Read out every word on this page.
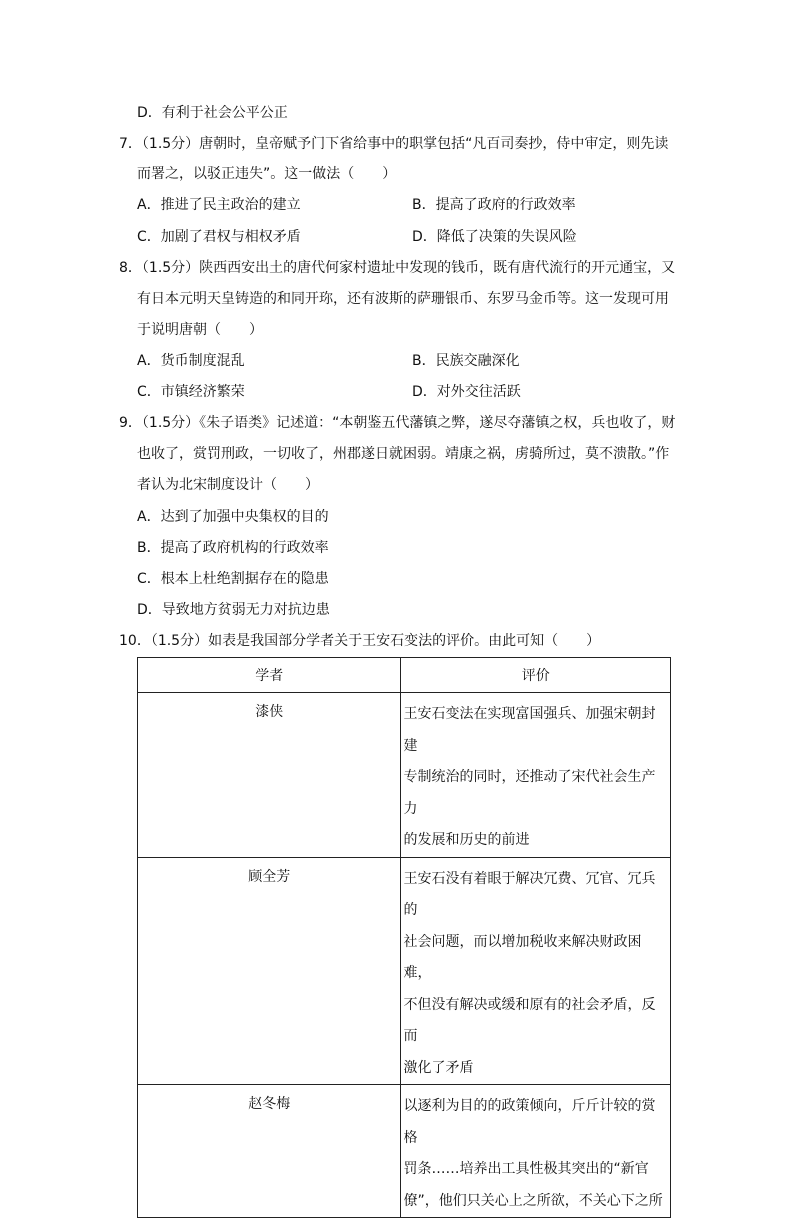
D．有利于社会公平公正
7．（1.5分）唐朝时，皇帝赋予门下省给事中的职掌包括“凡百司奏抄，侍中审定，则先读
而署之，以驳正违失”。这一做法（　　）
A．推进了民主政治的建立	B．提高了政府的行政效率
C．加剧了君权与相权矛盾	D．降低了决策的失误风险
8．（1.5分）陕西西安出土的唐代何家村遗址中发现的钱币，既有唐代流行的开元通宝，又
有日本元明天皇铸造的和同开珎，还有波斯的萨珊银币、东罗马金币等。这一发现可用
于说明唐朝（　　）
A．货币制度混乱	B．民族交融深化
C．市镇经济繁荣	D．对外交往活跃
9．（1.5分）《朱子语类》记述道：“本朝鉴五代藩镇之弊，遂尽夺藩镇之权，兵也收了，财
也收了，赏罚刑政，一切收了，州郡遂日就困弱。靖康之祸，虏骑所过，莫不溃散。”作
者认为北宋制度设计（　　）
A．达到了加强中央集权的目的
B．提高了政府机构的行政效率
C．根本上杜绝割据存在的隐患
D．导致地方贫弱无力对抗边患
10．（1.5分）如表是我国部分学者关于王安石变法的评价。由此可知（　　）
学者	评价
漆侠	王安石变法在实现富国强兵、加强宋朝封建
专制统治的同时，还推动了宋代社会生产力
的发展和历史的前进

顾全芳	王安石没有着眼于解决冗费、冗官、冗兵的
社会问题，而以增加税收来解决财政困难，
不但没有解决或缓和原有的社会矛盾，反而
激化了矛盾

赵冬梅	以逐利为目的的政策倾向，斤斤计较的赏格
罚条……培养出工具性极其突出的“新官
僚”，他们只关心上之所欲，不关心下之所
